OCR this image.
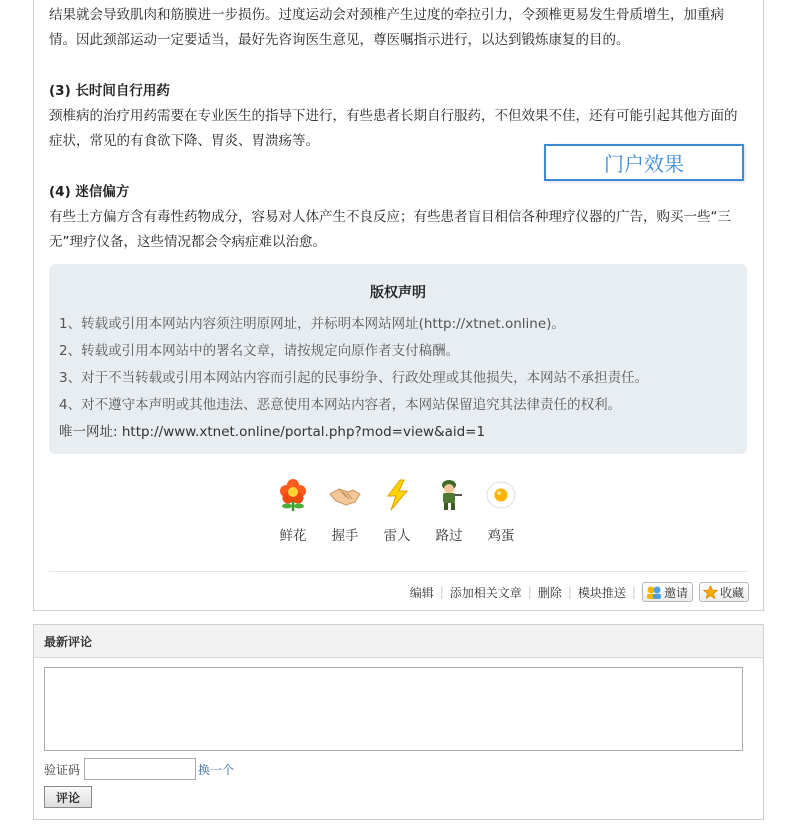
结果就会导致肌肉和筋膜进一步损伤。过度运动会对颈椎产生过度的牵拉引力，令颈椎更易发生骨质增生，加重病情。因此颈部运动一定要适当，最好先咨询医生意见，尊医嘱指示进行，以达到锻炼康复的目的。

(3) 长时间自行用药

颈椎病的治疗用药需要在专业医生的指导下进行，有些患者长期自行服药，不但效果不佳，还有可能引起其他方面的症状，常见的有食欲下降、胃炎、胃溃疡等。

(4) 迷信偏方

有些土方偏方含有毒性药物成分，容易对人体产生不良反应；有些患者盲目相信各种理疗仪器的广告，购买一些“三无”理疗仪备，这些情况都会令病症难以治愈。

门户效果
版权声明
1、转载或引用本网站内容须注明原网址，并标明本网站网址(http://xtnet.online)。
2、转载或引用本网站中的署名文章，请按规定向原作者支付稿酬。
3、对于不当转载或引用本网站内容而引起的民事纷争、行政处理或其他损失，本网站不承担责任。
4、对不遵守本声明或其他违法、恶意使用本网站内容者，本网站保留追究其法律责任的权利。
唯一网址: http://www.xtnet.online/portal.php?mod=view&aid=1
鲜花	握手	雷人	路过	鸡蛋
编辑 | 添加相关文章 | 删除 | 模块推送 | 邀请	收藏
最新评论
验证码	换一个
评论
